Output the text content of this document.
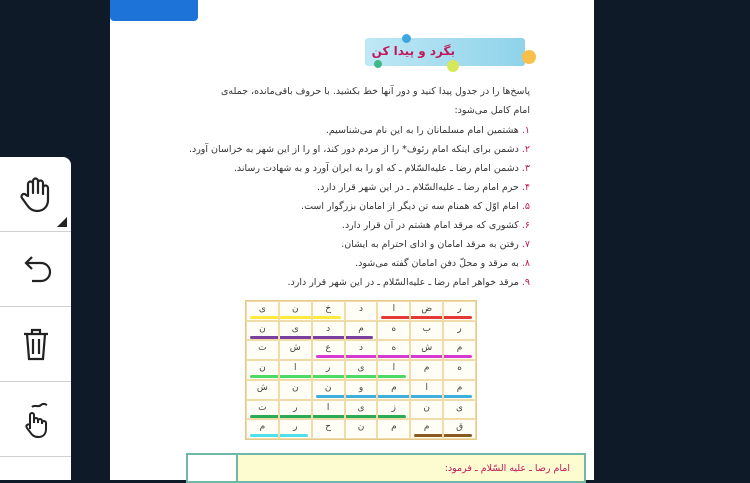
بگرد و پیدا کن
پاسخ‌ها را در جدول پیدا کنید و دور آنها خط بکشید. با حروف باقی‌مانده، جمله‌ی
امام کامل می‌شود:
۱. هشتمین امام مسلمانان را به این نام می‌شناسیم.
۲. دشمن برای اینکه امام رئوف* را از مردم دور کند، او را از این شهر به خراسان آورد.
۳. دشمن امام رضا ـ علیه‌السّلام ـ که او را به ایران آورد و به شهادت رساند.
۴. حرم امام رضا ـ علیه‌السّلام ـ در این شهر قرار دارد.
۵. امام اوّل که همنام سه تن دیگر از امامان بزرگوار است.
۶. کشوری که مرقد امام هشتم در آن قرار دارد.
۷. رفتن به مرقد امامان و ادای احترام به ایشان.
۸. به مرقد و محلّ دفن امامان گفته می‌شود.
۹. مرقد خواهر امام رضا ـ علیه‌السّلام ـ در این شهر قرار دارد.
ی	ن	خ	د	ا	ض	ر
ن	ی	د	م	ه	ب	ر
ت	ش	ع	د	ه	ش	م
ن	ا	ر	ی	ا	م	ه
ش	ن	ن	و	م	ا	م
ت	ر	ا	ی	ز	ن	ی
م	ر	ح	ن	م	م	ق
امام رضا ـ علیه السّلام ـ فرمود:
